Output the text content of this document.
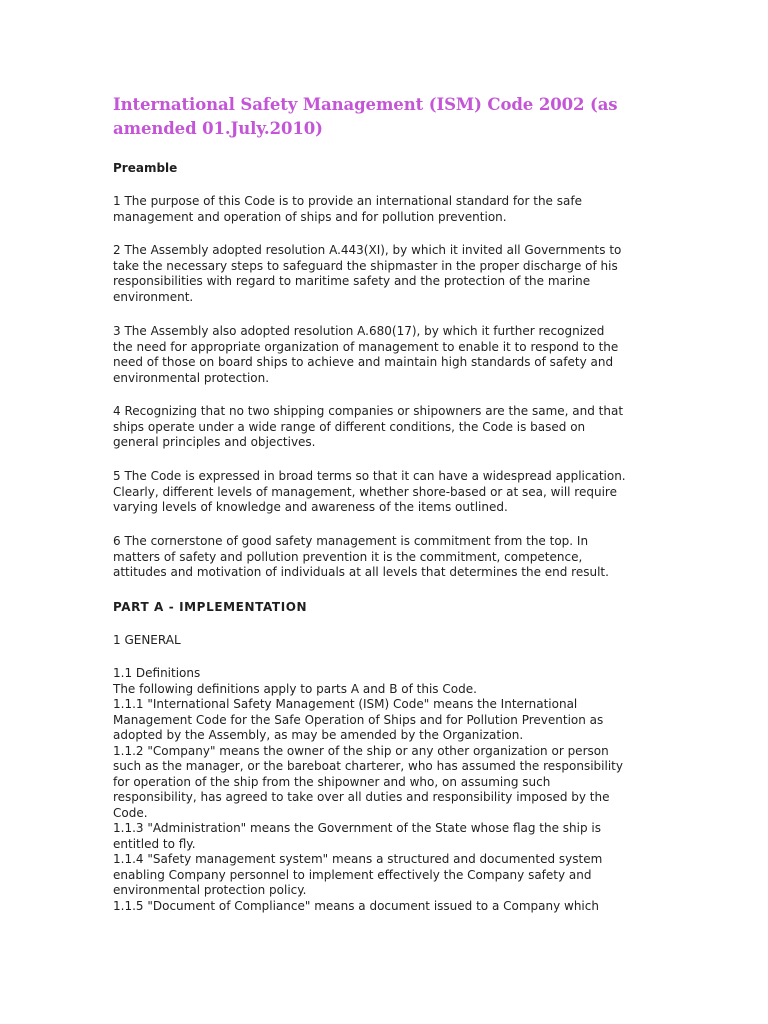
International Safety Management (ISM) Code 2002 (as
amended 01.July.2010)
Preamble

1 The purpose of this Code is to provide an international standard for the safe
management and operation of ships and for pollution prevention.

2 The Assembly adopted resolution A.443(XI), by which it invited all Governments to
take the necessary steps to safeguard the shipmaster in the proper discharge of his
responsibilities with regard to maritime safety and the protection of the marine
environment.

3 The Assembly also adopted resolution A.680(17), by which it further recognized
the need for appropriate organization of management to enable it to respond to the
need of those on board ships to achieve and maintain high standards of safety and
environmental protection.

4 Recognizing that no two shipping companies or shipowners are the same, and that
ships operate under a wide range of different conditions, the Code is based on
general principles and objectives.

5 The Code is expressed in broad terms so that it can have a widespread application.
Clearly, different levels of management, whether shore-based or at sea, will require
varying levels of knowledge and awareness of the items outlined.

6 The cornerstone of good safety management is commitment from the top. In
matters of safety and pollution prevention it is the commitment, competence,
attitudes and motivation of individuals at all levels that determines the end result.

PART A - IMPLEMENTATION

1 GENERAL

1.1 Definitions
The following definitions apply to parts A and B of this Code.
1.1.1 "International Safety Management (ISM) Code" means the International
Management Code for the Safe Operation of Ships and for Pollution Prevention as
adopted by the Assembly, as may be amended by the Organization.
1.1.2 "Company" means the owner of the ship or any other organization or person
such as the manager, or the bareboat charterer, who has assumed the responsibility
for operation of the ship from the shipowner and who, on assuming such
responsibility, has agreed to take over all duties and responsibility imposed by the
Code.
1.1.3 "Administration" means the Government of the State whose flag the ship is
entitled to fly.
1.1.4 "Safety management system" means a structured and documented system
enabling Company personnel to implement effectively the Company safety and
environmental protection policy.
1.1.5 "Document of Compliance" means a document issued to a Company which
